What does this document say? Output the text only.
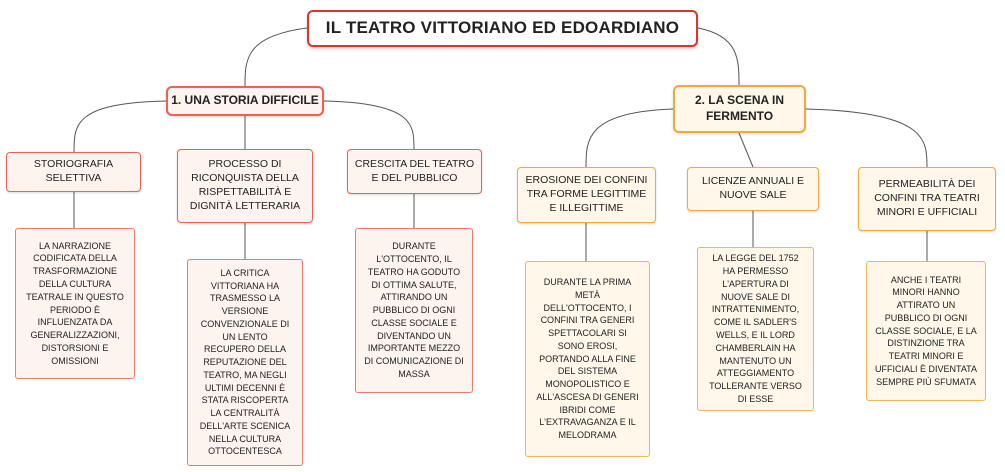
IL TEATRO VITTORIANO ED EDOARDIANO
1. UNA STORIA DIFFICILE
STORIOGRAFIA SELETTIVA
PROCESSO DI RICONQUISTA DELLA RISPETTABILITÀ E DIGNITÀ LETTERARIA
CRESCITA DEL TEATRO E DEL PUBBLICO
LA NARRAZIONE CODIFICATA DELLA TRASFORMAZIONE DELLA CULTURA TEATRALE IN QUESTO PERIODO È INFLUENZATA DA GENERALIZZAZIONI, DISTORSIONI E OMISSIONI
LA CRITICA VITTORIANA HA TRASMESSO LA VERSIONE CONVENZIONALE DI UN LENTO RECUPERO DELLA REPUTAZIONE DEL TEATRO, MA NEGLI ULTIMI DECENNI È STATA RISCOPERTA LA CENTRALITÀ DELL'ARTE SCENICA NELLA CULTURA OTTOCENTESCA
DURANTE L'OTTOCENTO, IL TEATRO HA GODUTO DI OTTIMA SALUTE, ATTIRANDO UN PUBBLICO DI OGNI CLASSE SOCIALE E DIVENTANDO UN IMPORTANTE MEZZO DI COMUNICAZIONE DI MASSA
2. LA SCENA IN FERMENTO
EROSIONE DEI CONFINI TRA FORME LEGITTIME E ILLEGITTIME
LICENZE ANNUALI E NUOVE SALE
PERMEABILITÀ DEI CONFINI TRA TEATRI MINORI E UFFICIALI
DURANTE LA PRIMA METÀ DELL'OTTOCENTO, I CONFINI TRA GENERI SPETTACOLARI SI SONO EROSI, PORTANDO ALLA FINE DEL SISTEMA MONOPOLISTICO E ALL'ASCESA DI GENERI IBRIDI COME L'EXTRAVAGANZA E IL MELODRAMA
LA LEGGE DEL 1752 HA PERMESSO L'APERTURA DI NUOVE SALE DI INTRATTENIMENTO, COME IL SADLER'S WELLS, E IL LORD CHAMBERLAIN HA MANTENUTO UN ATTEGGIAMENTO TOLLERANTE VERSO DI ESSE
ANCHE I TEATRI MINORI HANNO ATTIRATO UN PUBBLICO DI OGNI CLASSE SOCIALE, E LA DISTINZIONE TRA TEATRI MINORI E UFFICIALI È DIVENTATA SEMPRE PIÙ SFUMATA
